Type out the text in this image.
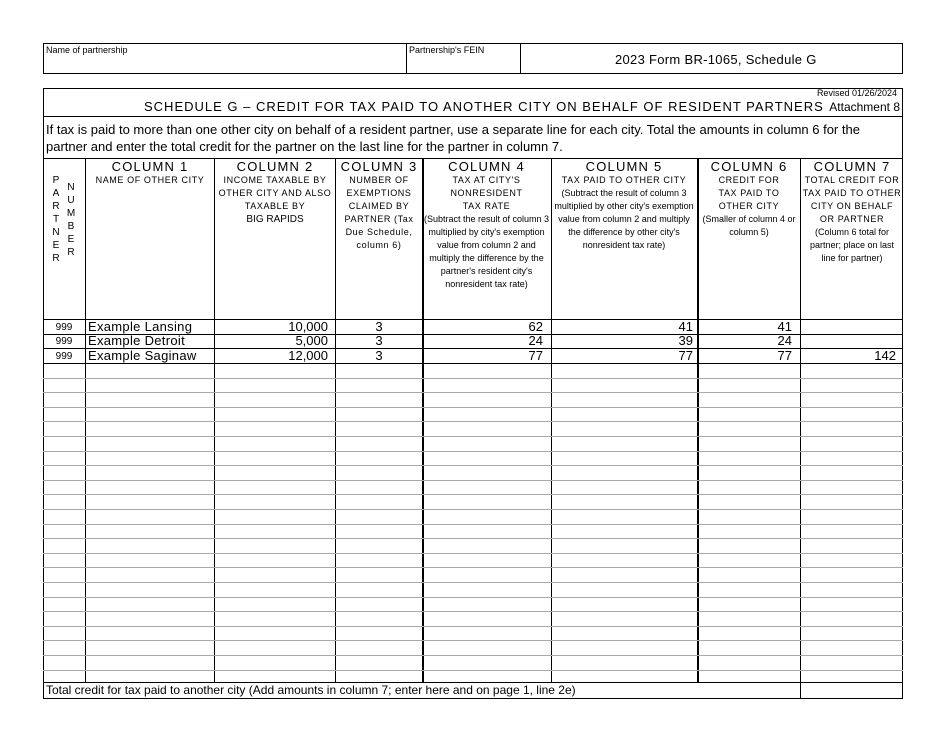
Name of partnership	Partnership's FEIN
2023 Form BR-1065, Schedule G
Revised 01/26/2024
SCHEDULE G – CREDIT FOR TAX PAID TO ANOTHER CITY ON BEHALF OF RESIDENT PARTNERS Attachment 8
If tax is paid to more than one other city on behalf of a resident partner, use a separate line for each city. Total the amounts in column 6 for the partner and enter the total credit for the partner on the last line for the partner in column 7.
P
A
R
T
N
E
R
N
U
M
B
E
R
COLUMN 1
NAME OF OTHER CITY
COLUMN 2
INCOME TAXABLE BY OTHER CITY AND ALSO TAXABLE BY
BIG RAPIDS
COLUMN 3
NUMBER OF EXEMPTIONS CLAIMED BY PARTNER (Tax Due Schedule, column 6)
COLUMN 4
TAX AT CITY'S NONRESIDENT TAX RATE
(Subtract the result of column 3 multiplied by city's exemption value from column 2 and multiply the difference by the partner's resident city's nonresident tax rate)
COLUMN 5
TAX PAID TO OTHER CITY
(Subtract the result of column 3 multiplied by other city's exemption value from column 2 and multiply the difference by other city's nonresident tax rate)
COLUMN 6
CREDIT FOR TAX PAID TO OTHER CITY
(Smaller of column 4 or column 5)
COLUMN 7
TOTAL CREDIT FOR TAX PAID TO OTHER CITY ON BEHALF OR PARTNER
(Column 6 total for partner; place on last line for partner)
999	Example Lansing	10,000	3	62	41	41
999	Example Detroit	5,000	3	24	39	24
999	Example Saginaw	12,000	3	77	77	77	142
Total credit for tax paid to another city (Add amounts in column 7; enter here and on page 1, line 2e)
